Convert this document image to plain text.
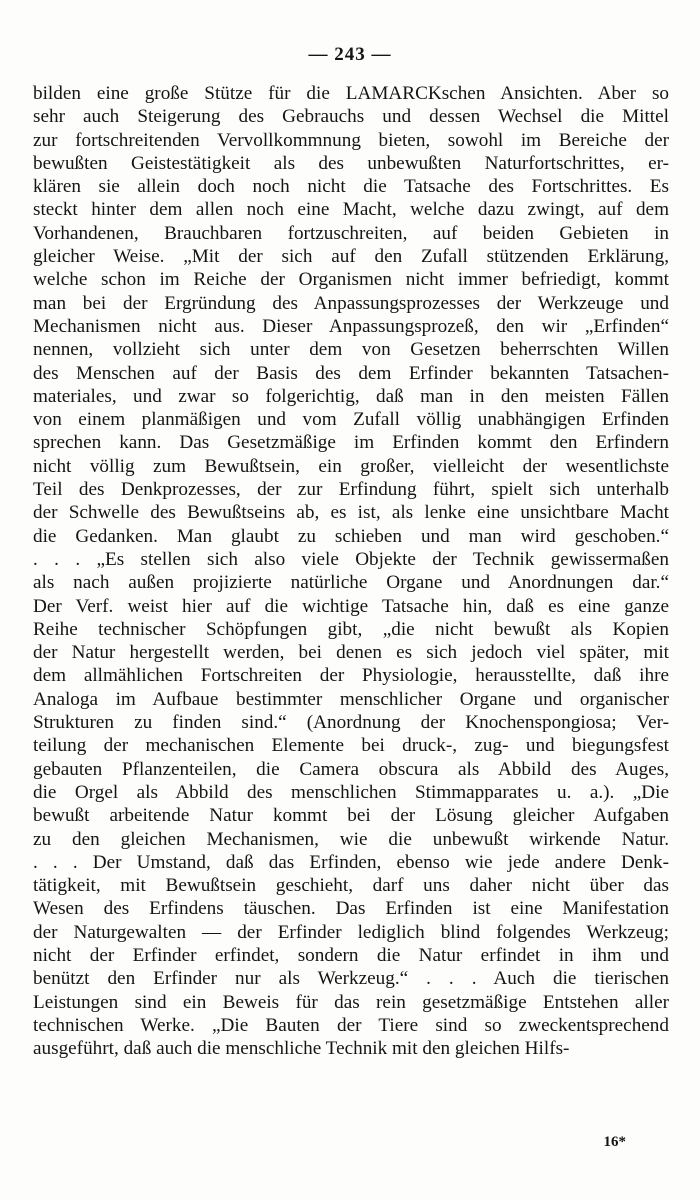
— 243 —
bilden eine große Stütze für die LAMARCKschen Ansichten. Aber so
sehr auch Steigerung des Gebrauchs und dessen Wechsel die Mittel
zur fortschreitenden Vervollkommnung bieten, sowohl im Bereiche der
bewußten Geistestätigkeit als des unbewußten Naturfortschrittes, er-
klären sie allein doch noch nicht die Tatsache des Fortschrittes. Es
steckt hinter dem allen noch eine Macht, welche dazu zwingt, auf dem
Vorhandenen, Brauchbaren fortzuschreiten, auf beiden Gebieten in
gleicher Weise. „Mit der sich auf den Zufall stützenden Erklärung,
welche schon im Reiche der Organismen nicht immer befriedigt, kommt
man bei der Ergründung des Anpassungsprozesses der Werkzeuge und
Mechanismen nicht aus. Dieser Anpassungsprozeß, den wir „Erfinden“
nennen, vollzieht sich unter dem von Gesetzen beherrschten Willen
des Menschen auf der Basis des dem Erfinder bekannten Tatsachen-
materiales, und zwar so folgerichtig, daß man in den meisten Fällen
von einem planmäßigen und vom Zufall völlig unabhängigen Erfinden
sprechen kann. Das Gesetzmäßige im Erfinden kommt den Erfindern
nicht völlig zum Bewußtsein, ein großer, vielleicht der wesentlichste
Teil des Denkprozesses, der zur Erfindung führt, spielt sich unterhalb
der Schwelle des Bewußtseins ab, es ist, als lenke eine unsichtbare Macht
die Gedanken. Man glaubt zu schieben und man wird geschoben.“
. . . „Es stellen sich also viele Objekte der Technik gewissermaßen
als nach außen projizierte natürliche Organe und Anordnungen dar.“
Der Verf. weist hier auf die wichtige Tatsache hin, daß es eine ganze
Reihe technischer Schöpfungen gibt, „die nicht bewußt als Kopien
der Natur hergestellt werden, bei denen es sich jedoch viel später, mit
dem allmählichen Fortschreiten der Physiologie, herausstellte, daß ihre
Analoga im Aufbaue bestimmter menschlicher Organe und organischer
Strukturen zu finden sind.“ (Anordnung der Knochenspongiosa; Ver-
teilung der mechanischen Elemente bei druck-, zug- und biegungsfest
gebauten Pflanzenteilen, die Camera obscura als Abbild des Auges,
die Orgel als Abbild des menschlichen Stimmapparates u. a.). „Die
bewußt arbeitende Natur kommt bei der Lösung gleicher Aufgaben
zu den gleichen Mechanismen, wie die unbewußt wirkende Natur.
. . . Der Umstand, daß das Erfinden, ebenso wie jede andere Denk-
tätigkeit, mit Bewußtsein geschieht, darf uns daher nicht über das
Wesen des Erfindens täuschen. Das Erfinden ist eine Manifestation
der Naturgewalten — der Erfinder lediglich blind folgendes Werkzeug;
nicht der Erfinder erfindet, sondern die Natur erfindet in ihm und
benützt den Erfinder nur als Werkzeug.“ . . . Auch die tierischen
Leistungen sind ein Beweis für das rein gesetzmäßige Entstehen aller
technischen Werke. „Die Bauten der Tiere sind so zweckentsprechend
ausgeführt, daß auch die menschliche Technik mit den gleichen Hilfs-
16*
